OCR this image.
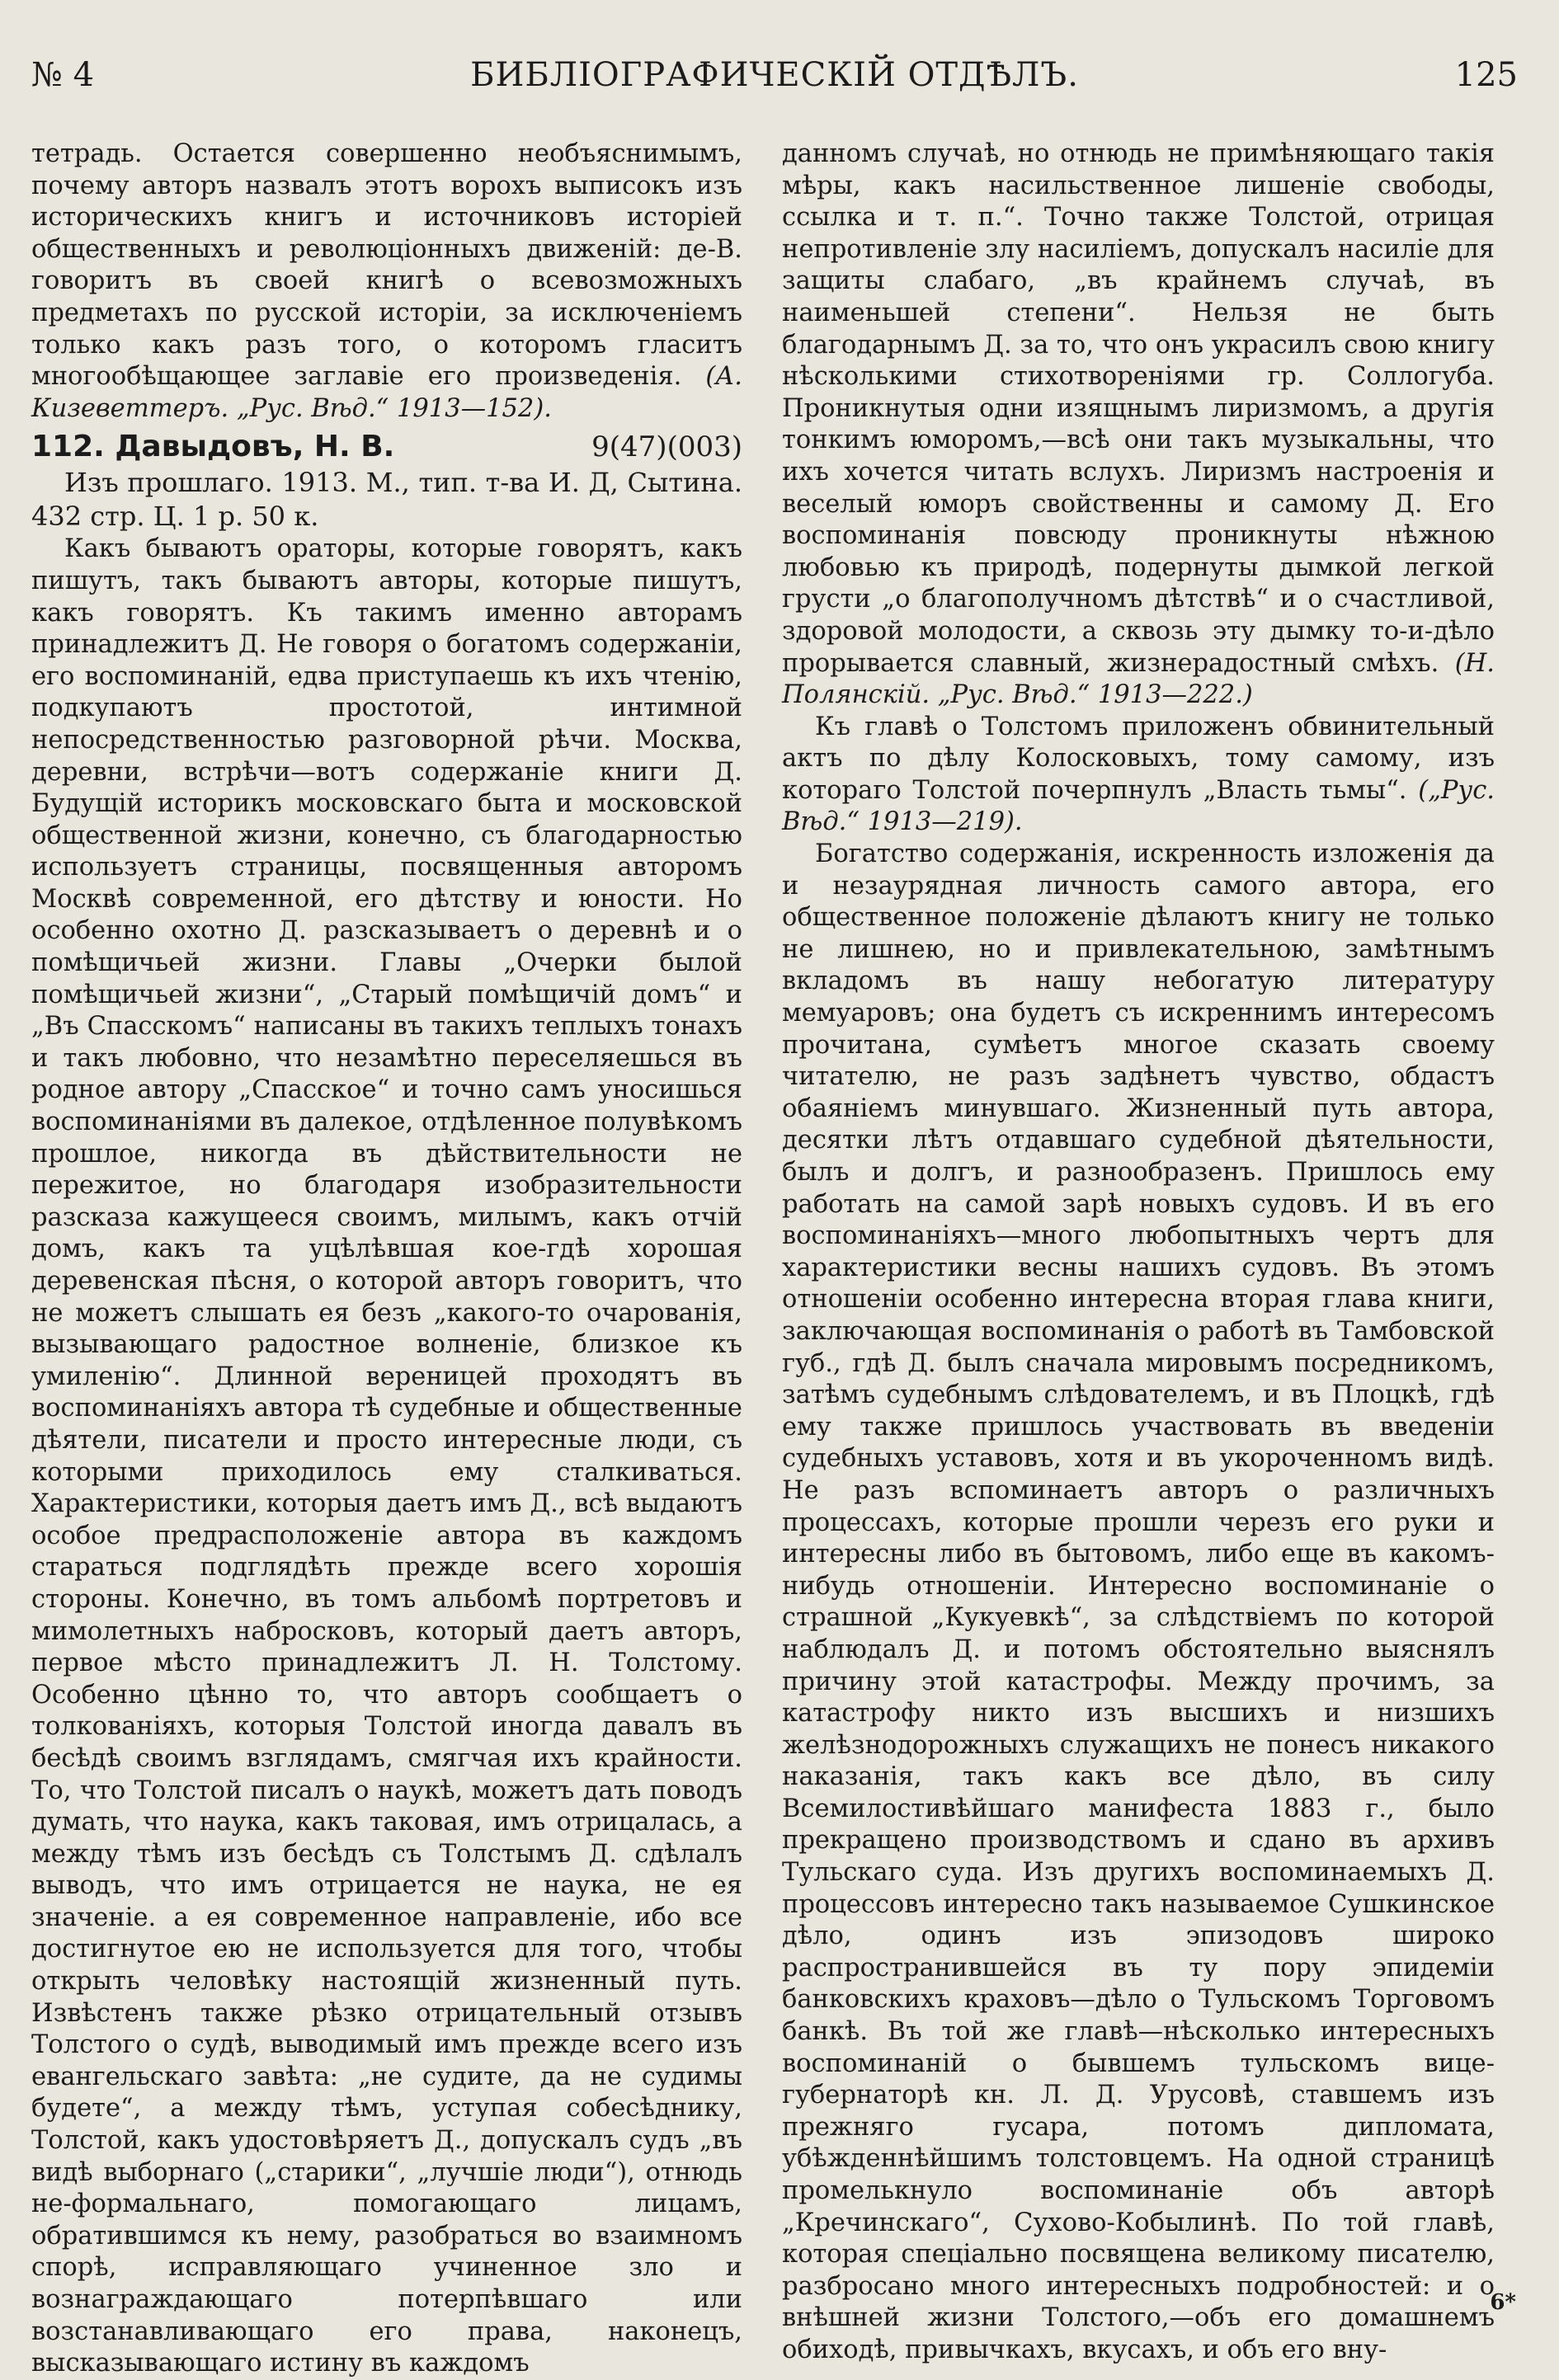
№ 4	БИБЛІОГРАФИЧЕСКІЙ ОТДѢЛЪ.	125

тетрадь. Остается совершенно необъяснимымъ, почему авторъ назвалъ этотъ ворохъ выписокъ изъ историческихъ книгъ и источниковъ исторіей общественныхъ и революціонныхъ движеній: де-В. говоритъ въ своей книгѣ о всевозможныхъ предметахъ по русской исторіи, за исключеніемъ только какъ разъ того, о которомъ гласитъ многообѣщающее заглавіе его произведенія. (А. Кизеветтеръ. „Рус. Вѣд.“ 1913—152).

112. Давыдовъ, Н. В.	9(47)(003)

Изъ прошлаго. 1913. М., тип. т-ва И. Д, Сытина. 432 стр. Ц. 1 р. 50 к.

Какъ бываютъ ораторы, которые говорятъ, какъ пишутъ, такъ бываютъ авторы, которые пишутъ, какъ говорятъ. Къ такимъ именно авторамъ принадлежитъ Д. Не говоря о богатомъ содержаніи, его воспоминаній, едва приступаешь къ ихъ чтенію, подкупаютъ простотой, интимной непосредственностью разговорной рѣчи. Москва, деревни, встрѣчи—вотъ содержаніе книги Д. Будущій историкъ московскаго быта и московской общественной жизни, конечно, съ благодарностью используетъ страницы, посвященныя авторомъ Москвѣ современной, его дѣтству и юности. Но особенно охотно Д. разсказываетъ о деревнѣ и о помѣщичьей жизни. Главы „Очерки былой помѣщичьей жизни“, „Старый помѣщичій домъ“ и „Въ Спасскомъ“ написаны въ такихъ теплыхъ тонахъ и такъ любовно, что незамѣтно переселяешься въ родное автору „Спасское“ и точно самъ уносишься воспоминаніями въ далекое, отдѣленное полувѣкомъ прошлое, никогда въ дѣйствительности не пережитое, но благодаря изобразительности разсказа кажущееся своимъ, милымъ, какъ отчій домъ, какъ та уцѣлѣвшая кое-гдѣ хорошая деревенская пѣсня, о которой авторъ говоритъ, что не можетъ слышать ея безъ „какого-то очарованія, вызывающаго радостное волненіе, близкое къ умиленію“. Длинной вереницей проходятъ въ воспоминаніяхъ автора тѣ судебные и общественные дѣятели, писатели и просто интересные люди, съ которыми приходилось ему сталкиваться. Характеристики, которыя даетъ имъ Д., всѣ выдаютъ особое предрасположеніе автора въ каждомъ стараться подглядѣть прежде всего хорошія стороны. Конечно, въ томъ альбомѣ портретовъ и мимолетныхъ набросковъ, который даетъ авторъ, первое мѣсто принадлежитъ Л. Н. Толстому. Особенно цѣнно то, что авторъ сообщаетъ о толкованіяхъ, которыя Толстой иногда давалъ въ бесѣдѣ своимъ взглядамъ, смягчая ихъ крайности. То, что Толстой писалъ о наукѣ, можетъ дать поводъ думать, что наука, какъ таковая, имъ отрицалась, а между тѣмъ изъ бесѣдъ съ Толстымъ Д. сдѣлалъ выводъ, что имъ отрицается не наука, не ея значеніе. а ея современное направленіе, ибо все достигнутое ею не используется для того, чтобы открыть человѣку настоящій жизненный путь. Извѣстенъ также рѣзко отрицательный отзывъ Толстого о судѣ, выводимый имъ прежде всего изъ евангельскаго завѣта: „не судите, да не судимы будете“, а между тѣмъ, уступая собесѣднику, Толстой, какъ удостовѣряетъ Д., допускалъ судъ „въ видѣ выборнаго („старики“, „лучшіе люди“), отнюдь не-формальнаго, помогающаго лицамъ, обратившимся къ нему, разобраться во взаимномъ спорѣ, исправляющаго учиненное зло и вознаграждающаго потерпѣвшаго или возстанавливающаго его права, наконецъ, высказывающаго истину въ каждомъ

данномъ случаѣ, но отнюдь не примѣняющаго такія мѣры, какъ насильственное лишеніе свободы, ссылка и т. п.“. Точно также Толстой, отрицая непротивленіе злу насиліемъ, допускалъ насиліе для защиты слабаго, „въ крайнемъ случаѣ, въ наименьшей степени“. Нельзя не быть благодарнымъ Д. за то, что онъ украсилъ свою книгу нѣсколькими стихотвореніями гр. Соллогуба. Проникнутыя одни изящнымъ лиризмомъ, а другія тонкимъ юморомъ,—всѣ они такъ музыкальны, что ихъ хочется читать вслухъ. Лиризмъ настроенія и веселый юморъ свойственны и самому Д. Его воспоминанія повсюду проникнуты нѣжною любовью къ природѣ, подернуты дымкой легкой грусти „о благополучномъ дѣтствѣ“ и о счастливой, здоровой молодости, а сквозь эту дымку то-и-дѣло прорывается славный, жизнерадостный смѣхъ. (Н. Полянскій. „Рус. Вѣд.“ 1913—222.)

Къ главѣ о Толстомъ приложенъ обвинительный актъ по дѣлу Колосковыхъ, тому самому, изъ котораго Толстой почерпнулъ „Власть тьмы“. („Рус. Вѣд.“ 1913—219).

Богатство содержанія, искренность изложенія да и незаурядная личность самого автора, его общественное положеніе дѣлаютъ книгу не только не лишнею, но и привлекательною, замѣтнымъ вкладомъ въ нашу небогатую литературу мемуаровъ; она будетъ съ искреннимъ интересомъ прочитана, сумѣетъ многое сказать своему читателю, не разъ задѣнетъ чувство, обдастъ обаяніемъ минувшаго. Жизненный путь автора, десятки лѣтъ отдавшаго судебной дѣятельности, былъ и долгъ, и разнообразенъ. Пришлось ему работать на самой зарѣ новыхъ судовъ. И въ его воспоминаніяхъ—много любопытныхъ чертъ для характеристики весны нашихъ судовъ. Въ этомъ отношеніи особенно интересна вторая глава книги, заключающая воспоминанія о работѣ въ Тамбовской губ., гдѣ Д. былъ сначала мировымъ посредникомъ, затѣмъ судебнымъ слѣдователемъ, и въ Плоцкѣ, гдѣ ему также пришлось участвовать въ введеніи судебныхъ уставовъ, хотя и въ укороченномъ видѣ. Не разъ вспоминаетъ авторъ о различныхъ процессахъ, которые прошли черезъ его руки и интересны либо въ бытовомъ, либо еще въ какомъ-нибудь отношеніи. Интересно воспоминаніе о страшной „Кукуевкѣ“, за слѣдствіемъ по которой наблюдалъ Д. и потомъ обстоятельно выяснялъ причину этой катастрофы. Между прочимъ, за катастрофу никто изъ высшихъ и низшихъ желѣзнодорожныхъ служащихъ не понесъ никакого наказанія, такъ какъ все дѣло, въ силу Всемилостивѣйшаго манифеста 1883 г., было прекращено производствомъ и сдано въ архивъ Тульскаго суда. Изъ другихъ воспоминаемыхъ Д. процессовъ интересно такъ называемое Сушкинское дѣло, одинъ изъ эпизодовъ широко распространившейся въ ту пору эпидеміи банковскихъ краховъ—дѣло о Тульскомъ Торговомъ банкѣ. Въ той же главѣ—нѣсколько интересныхъ воспоминаній о бывшемъ тульскомъ вице-губернаторѣ кн. Л. Д. Урусовѣ, ставшемъ изъ прежняго гусара, потомъ дипломата, убѣжденнѣйшимъ толстовцемъ. На одной страницѣ промелькнуло воспоминаніе объ авторѣ „Кречинскаго“, Сухово-Кобылинѣ. По той главѣ, которая спеціально посвящена великому писателю, разбросано много интересныхъ подробностей: и о внѣшней жизни Толстого,—объ его домашнемъ обиходѣ, привычкахъ, вкусахъ, и объ его вну-

6*
